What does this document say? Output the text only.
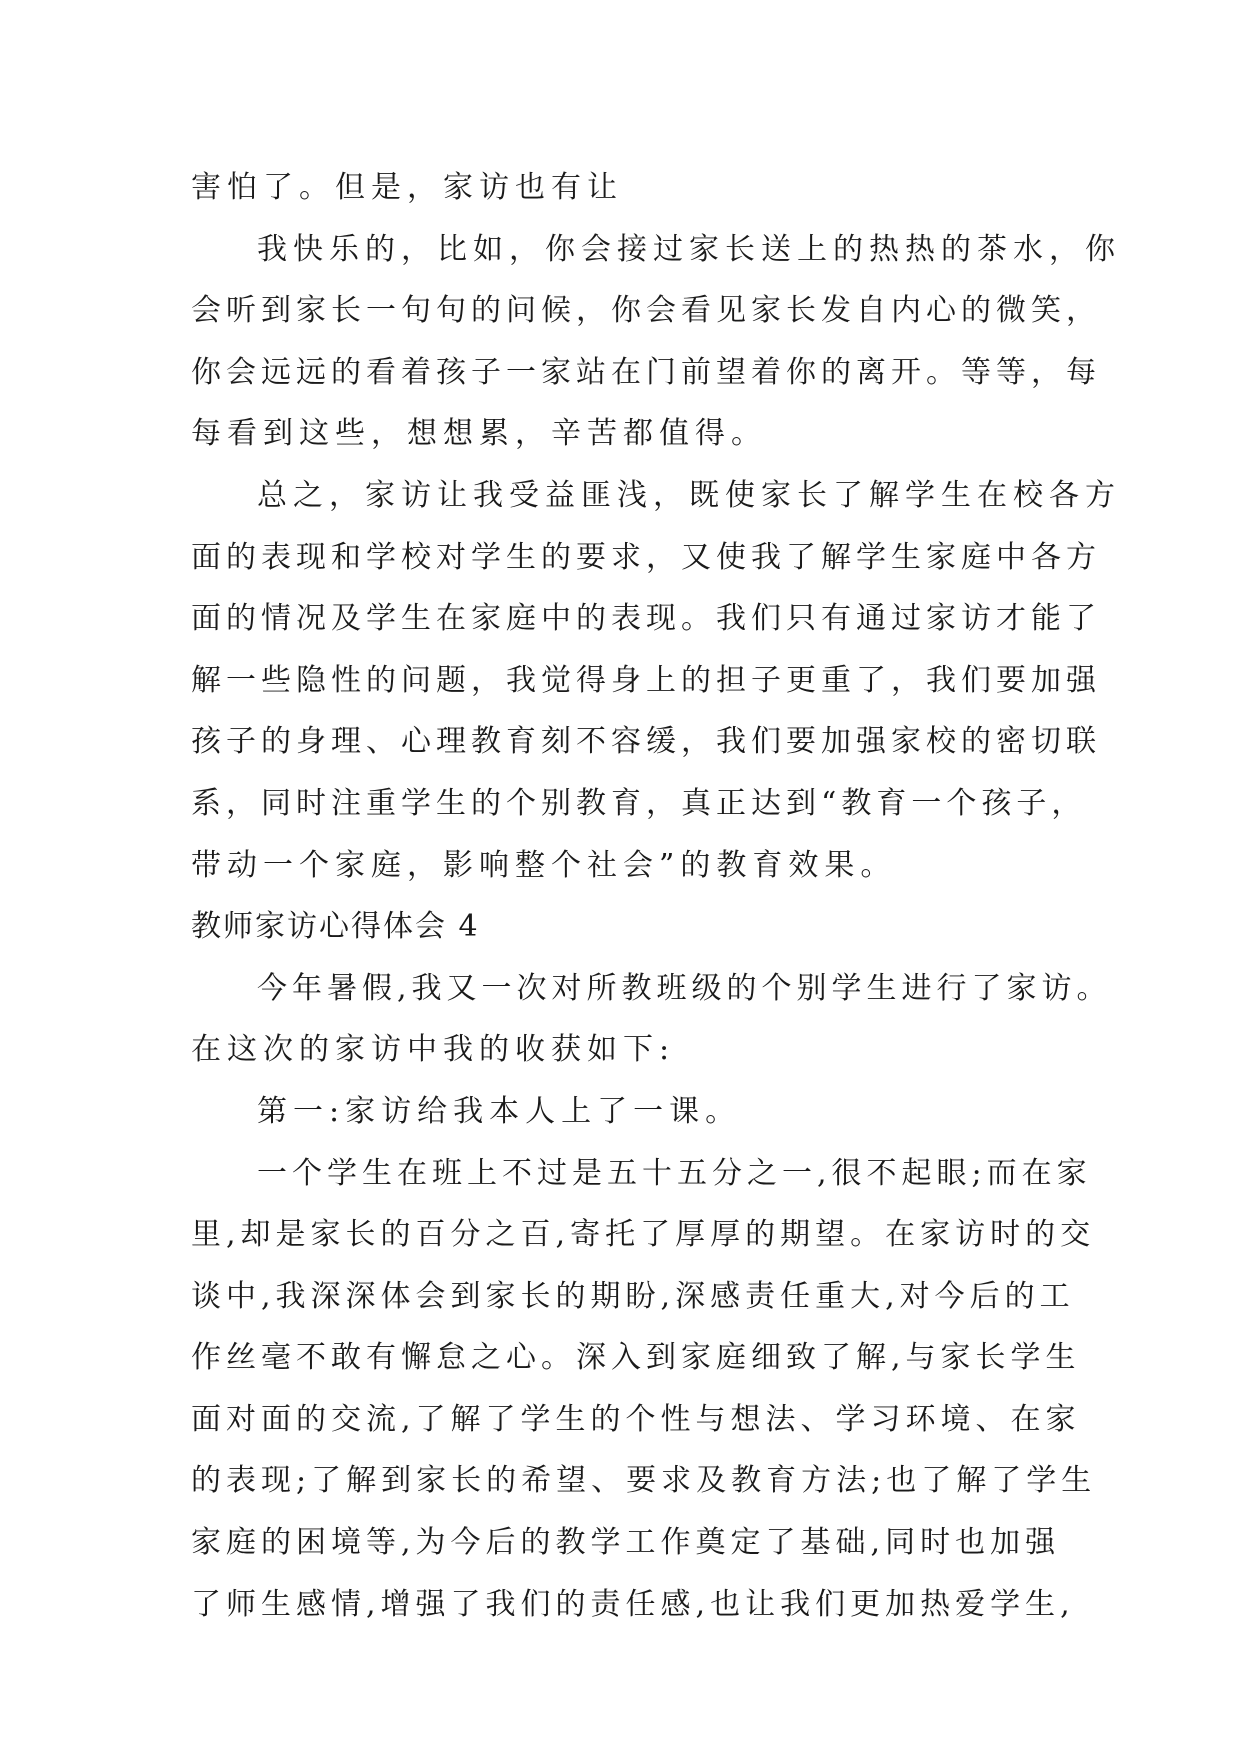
害怕了。但是，家访也有让
我快乐的，比如，你会接过家长送上的热热的茶水，你
会听到家长一句句的问候，你会看见家长发自内心的微笑，
你会远远的看着孩子一家站在门前望着你的离开。等等，每
每看到这些，想想累，辛苦都值得。
总之，家访让我受益匪浅，既使家长了解学生在校各方
面的表现和学校对学生的要求，又使我了解学生家庭中各方
面的情况及学生在家庭中的表现。我们只有通过家访才能了
解一些隐性的问题，我觉得身上的担子更重了，我们要加强
孩子的身理、心理教育刻不容缓，我们要加强家校的密切联
系，同时注重学生的个别教育，真正达到“教育一个孩子，
带动一个家庭，影响整个社会”的教育效果。
教师家访心得体会 4
今年暑假,我又一次对所教班级的个别学生进行了家访。
在这次的家访中我的收获如下:
第一:家访给我本人上了一课。
一个学生在班上不过是五十五分之一,很不起眼;而在家
里,却是家长的百分之百,寄托了厚厚的期望。在家访时的交
谈中,我深深体会到家长的期盼,深感责任重大,对今后的工
作丝毫不敢有懈怠之心。深入到家庭细致了解,与家长学生
面对面的交流,了解了学生的个性与想法、学习环境、在家
的表现;了解到家长的希望、要求及教育方法;也了解了学生
家庭的困境等,为今后的教学工作奠定了基础,同时也加强
了师生感情,增强了我们的责任感,也让我们更加热爱学生,
